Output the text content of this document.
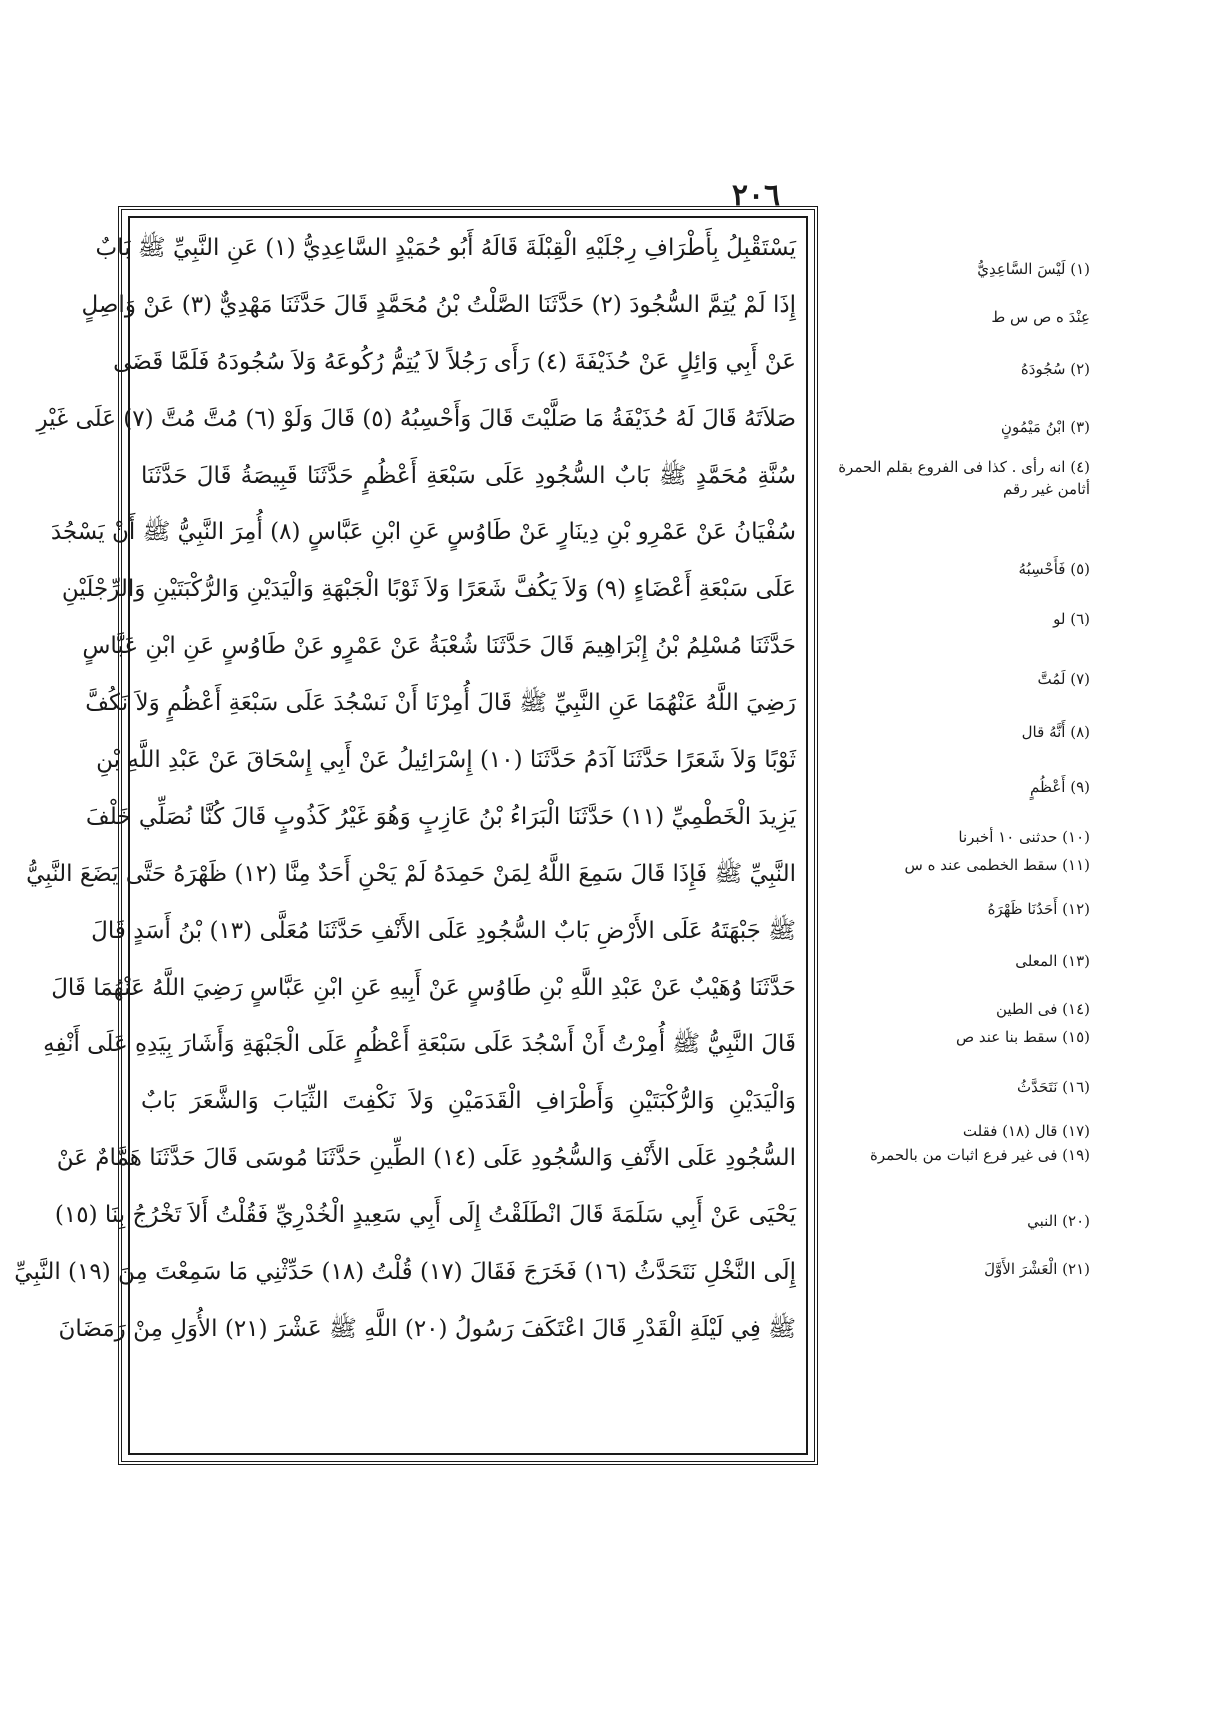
٢٠٦
يَسْتَقْبِلُ بِأَطْرَافِ رِجْلَيْهِ الْقِبْلَةَ قَالَهُ أَبُو حُمَيْدٍ السَّاعِدِيُّ (١) عَنِ النَّبِيِّ ﷺ بَابٌ
إِذَا لَمْ يُتِمَّ السُّجُودَ (٢) حَدَّثَنَا الصَّلْتُ بْنُ مُحَمَّدٍ قَالَ حَدَّثَنَا مَهْدِيٌّ (٣) عَنْ وَاصِلٍ
عَنْ أَبِي وَائِلٍ عَنْ حُذَيْفَةَ (٤) رَأَى رَجُلاً لاَ يُتِمُّ رُكُوعَهُ وَلاَ سُجُودَهُ فَلَمَّا قَضَى
صَلاَتَهُ قَالَ لَهُ حُذَيْفَةُ مَا صَلَّيْتَ قَالَ وَأَحْسِبُهُ (٥) قَالَ وَلَوْ (٦) مُتَّ مُتَّ (٧) عَلَى غَيْرِ
سُنَّةِ مُحَمَّدٍ ﷺ بَابٌ السُّجُودِ عَلَى سَبْعَةِ أَعْظُمٍ حَدَّثَنَا قَبِيصَةُ قَالَ حَدَّثَنَا
سُفْيَانُ عَنْ عَمْرِو بْنِ دِينَارٍ عَنْ طَاوُسٍ عَنِ ابْنِ عَبَّاسٍ (٨) أُمِرَ النَّبِيُّ ﷺ أَنْ يَسْجُدَ
عَلَى سَبْعَةِ أَعْضَاءٍ (٩) وَلاَ يَكُفَّ شَعَرًا وَلاَ ثَوْبًا الْجَبْهَةِ وَالْيَدَيْنِ وَالرُّكْبَتَيْنِ وَالرِّجْلَيْنِ
حَدَّثَنَا مُسْلِمُ بْنُ إِبْرَاهِيمَ قَالَ حَدَّثَنَا شُعْبَةُ عَنْ عَمْرٍو عَنْ طَاوُسٍ عَنِ ابْنِ عَبَّاسٍ
رَضِيَ اللَّهُ عَنْهُمَا عَنِ النَّبِيِّ ﷺ قَالَ أُمِرْنَا أَنْ نَسْجُدَ عَلَى سَبْعَةِ أَعْظُمٍ وَلاَ نَكُفَّ
ثَوْبًا وَلاَ شَعَرًا حَدَّثَنَا آدَمُ حَدَّثَنَا (١٠) إِسْرَائِيلُ عَنْ أَبِي إِسْحَاقَ عَنْ عَبْدِ اللَّهِ بْنِ
يَزِيدَ الْخَطْمِيِّ (١١) حَدَّثَنَا الْبَرَاءُ بْنُ عَازِبٍ وَهُوَ غَيْرُ كَذُوبٍ قَالَ كُنَّا نُصَلِّي خَلْفَ
النَّبِيِّ ﷺ فَإِذَا قَالَ سَمِعَ اللَّهُ لِمَنْ حَمِدَهُ لَمْ يَحْنِ أَحَدٌ مِنَّا (١٢) ظَهْرَهُ حَتَّى يَضَعَ النَّبِيُّ
ﷺ جَبْهَتَهُ عَلَى الأَرْضِ بَابٌ السُّجُودِ عَلَى الأَنْفِ حَدَّثَنَا مُعَلَّى (١٣) بْنُ أَسَدٍ قَالَ
حَدَّثَنَا وُهَيْبٌ عَنْ عَبْدِ اللَّهِ بْنِ طَاوُسٍ عَنْ أَبِيهِ عَنِ ابْنِ عَبَّاسٍ رَضِيَ اللَّهُ عَنْهُمَا قَالَ
قَالَ النَّبِيُّ ﷺ أُمِرْتُ أَنْ أَسْجُدَ عَلَى سَبْعَةِ أَعْظُمٍ عَلَى الْجَبْهَةِ وَأَشَارَ بِيَدِهِ عَلَى أَنْفِهِ
وَالْيَدَيْنِ وَالرُّكْبَتَيْنِ وَأَطْرَافِ الْقَدَمَيْنِ وَلاَ نَكْفِتَ الثِّيَابَ وَالشَّعَرَ بَابٌ
السُّجُودِ عَلَى الأَنْفِ وَالسُّجُودِ عَلَى (١٤) الطِّينِ حَدَّثَنَا مُوسَى قَالَ حَدَّثَنَا هَمَّامٌ عَنْ
يَحْيَى عَنْ أَبِي سَلَمَةَ قَالَ انْطَلَقْتُ إِلَى أَبِي سَعِيدٍ الْخُدْرِيِّ فَقُلْتُ أَلاَ تَخْرُجُ بِنَا (١٥)
إِلَى النَّخْلِ نَتَحَدَّثُ (١٦) فَخَرَجَ فَقَالَ (١٧) قُلْتُ (١٨) حَدِّثْنِي مَا سَمِعْتَ مِنَ (١٩) النَّبِيِّ
ﷺ فِي لَيْلَةِ الْقَدْرِ قَالَ اعْتَكَفَ رَسُولُ (٢٠) اللَّهِ ﷺ عَشْرَ (٢١) الأُوَلِ مِنْ رَمَضَانَ
(١) لَيْسَ السَّاعِدِيُّ
عِنْدَ ه ص س ط
(٢) سُجُودَهُ
(٣) ابْنُ مَيْمُونٍ
(٤) انه رأى . كذا فى الفروع بقلم الحمرة أثامن غير رقم
(٥) فَأَحْسِبُهُ
(٦) لو
(٧) لَمُتَّ
(٨) أَنَّهُ قال
(٩) أَعْظُمٍ
(١٠) حدثنى ١٠ أخبرنا
(١١) سقط الخطمى عند ه س
(١٢) أَحَدُنَا ظَهْرَهُ
(١٣) المعلى
(١٤) فى الطين
(١٥) سقط بنا عند ص
(١٦) نَتَحَدَّثُ
(١٧) قال (١٨) فقلت
(١٩) فى غير فرع اثبات من بالحمرة
(٢٠) النبي
(٢١) الْعَشْرَ الأَوَّلَ
